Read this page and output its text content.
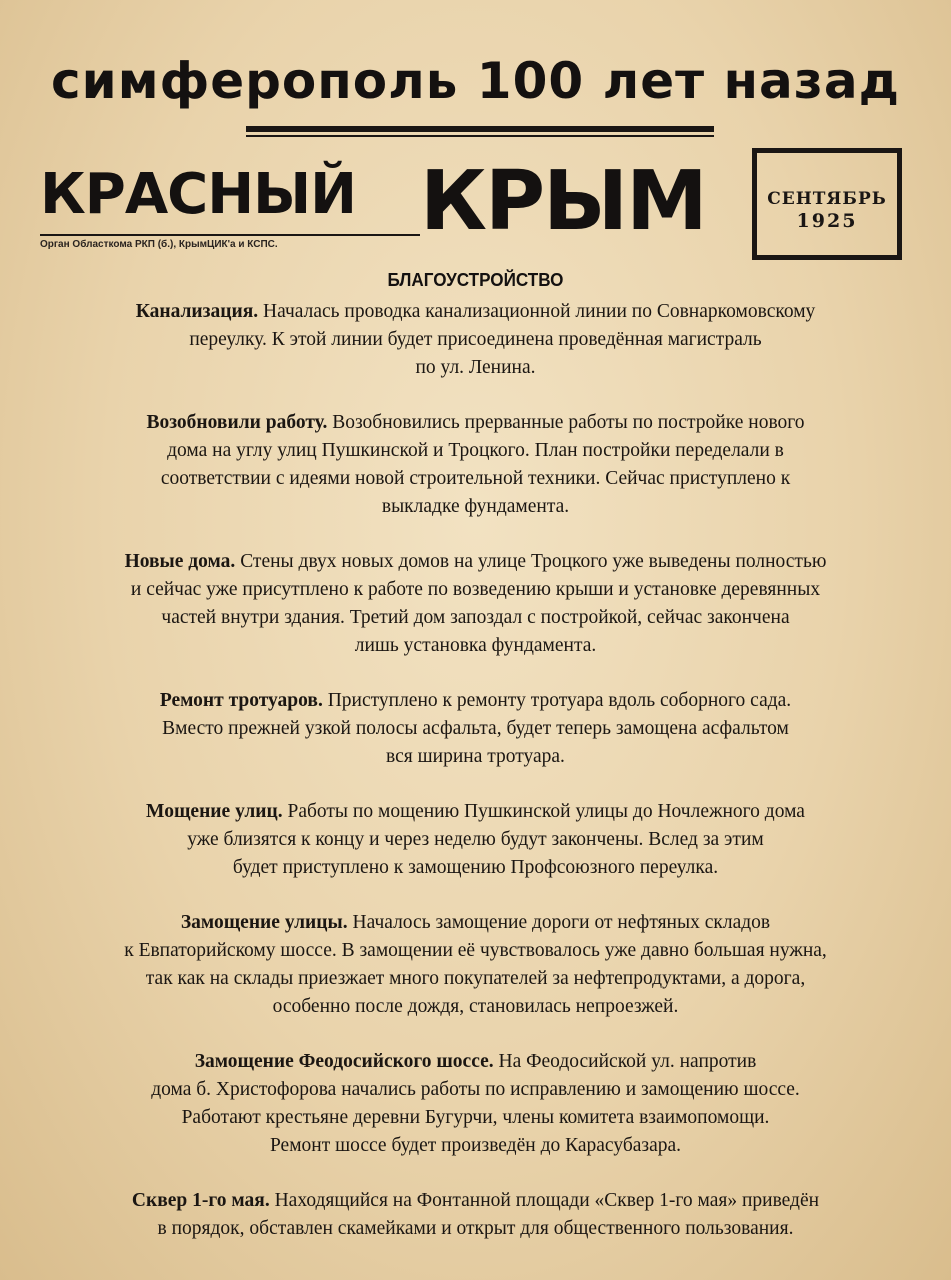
симферополь 100 лет назад
КРАСНЫЙ
Орган Областкома РКП (б.), КрымЦИК'а и КСПС.	КРЫМ	СЕНТЯБРЬ
1925
БЛАГОУСТРОЙСТВО
Канализация. Началась проводка канализационной линии по Совнаркомовскому
переулку. К этой линии будет присоединена проведённая магистраль
по ул. Ленина.
Возобновили работу. Возобновились прерванные работы по постройке нового
дома на углу улиц Пушкинской и Троцкого. План постройки переделали в
соответствии с идеями новой строительной техники. Сейчас приступлено к
выкладке фундамента.
Новые дома. Стены двух новых домов на улице Троцкого уже выведены полностью
и сейчас уже присутплено к работе по возведению крыши и установке деревянных
частей внутри здания. Третий дом запоздал с постройкой, сейчас закончена
лишь установка фундамента.
Ремонт тротуаров. Приступлено к ремонту тротуара вдоль соборного сада.
Вместо прежней узкой полосы асфальта, будет теперь замощена асфальтом
вся ширина тротуара.
Мощение улиц. Работы по мощению Пушкинской улицы до Ночлежного дома
уже близятся к концу и через неделю будут закончены. Вслед за этим
будет приступлено к замощению Профсоюзного переулка.
Замощение улицы. Началось замощение дороги от нефтяных складов
к Евпаторийскому шоссе. В замощении её чувствовалось уже давно большая нужна,
так как на склады приезжает много покупателей за нефтепродуктами, а дорога,
особенно после дождя, становилась непроезжей.
Замощение Феодосийского шоссе. На Феодосийской ул. напротив
дома б. Христофорова начались работы по исправлению и замощению шоссе.
Работают крестьяне деревни Бугурчи, члены комитета взаимопомощи.
Ремонт шоссе будет произведён до Карасубазара.
Сквер 1-го мая. Находящийся на Фонтанной площади «Сквер 1-го мая» приведён
в порядок, обставлен скамейками и открыт для общественного пользования.
